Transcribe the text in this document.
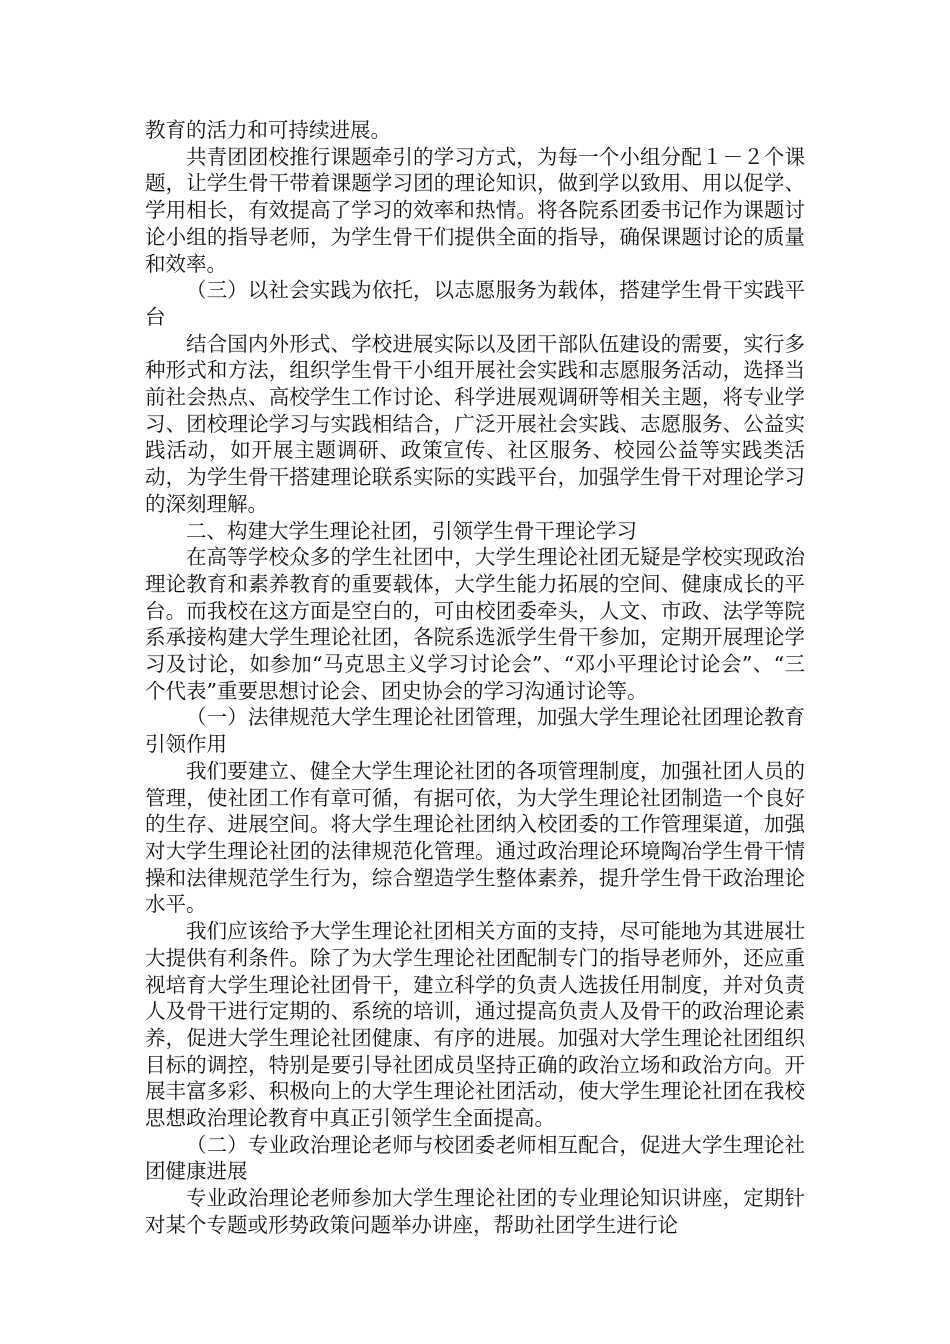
教育的活力和可持续进展。

共青团团校推行课题牵引的学习方式，为每一个小组分配１－２个课题，让学生骨干带着课题学习团的理论知识，做到学以致用、用以促学、学用相长，有效提高了学习的效率和热情。将各院系团委书记作为课题讨论小组的指导老师，为学生骨干们提供全面的指导，确保课题讨论的质量和效率。

（三）以社会实践为依托，以志愿服务为载体，搭建学生骨干实践平台

结合国内外形式、学校进展实际以及团干部队伍建设的需要，实行多种形式和方法，组织学生骨干小组开展社会实践和志愿服务活动，选择当前社会热点、高校学生工作讨论、科学进展观调研等相关主题，将专业学习、团校理论学习与实践相结合，广泛开展社会实践、志愿服务、公益实践活动，如开展主题调研、政策宣传、社区服务、校园公益等实践类活动，为学生骨干搭建理论联系实际的实践平台，加强学生骨干对理论学习的深刻理解。

二、构建大学生理论社团，引领学生骨干理论学习

在高等学校众多的学生社团中，大学生理论社团无疑是学校实现政治理论教育和素养教育的重要载体，大学生能力拓展的空间、健康成长的平台。而我校在这方面是空白的，可由校团委牵头，人文、市政、法学等院系承接构建大学生理论社团，各院系选派学生骨干参加，定期开展理论学习及讨论，如参加“马克思主义学习讨论会”、“邓小平理论讨论会”、“三个代表”重要思想讨论会、团史协会的学习沟通讨论等。

（一）法律规范大学生理论社团管理，加强大学生理论社团理论教育引领作用

我们要建立、健全大学生理论社团的各项管理制度，加强社团人员的管理，使社团工作有章可循，有据可依，为大学生理论社团制造一个良好的生存、进展空间。将大学生理论社团纳入校团委的工作管理渠道，加强对大学生理论社团的法律规范化管理。通过政治理论环境陶冶学生骨干情操和法律规范学生行为，综合塑造学生整体素养，提升学生骨干政治理论水平。

我们应该给予大学生理论社团相关方面的支持，尽可能地为其进展壮大提供有利条件。除了为大学生理论社团配制专门的指导老师外，还应重视培育大学生理论社团骨干，建立科学的负责人选拔任用制度，并对负责人及骨干进行定期的、系统的培训，通过提高负责人及骨干的政治理论素养，促进大学生理论社团健康、有序的进展。加强对大学生理论社团组织目标的调控，特别是要引导社团成员坚持正确的政治立场和政治方向。开展丰富多彩、积极向上的大学生理论社团活动，使大学生理论社团在我校思想政治理论教育中真正引领学生全面提高。

（二）专业政治理论老师与校团委老师相互配合，促进大学生理论社团健康进展

专业政治理论老师参加大学生理论社团的专业理论知识讲座，定期针对某个专题或形势政策问题举办讲座，帮助社团学生进行论
